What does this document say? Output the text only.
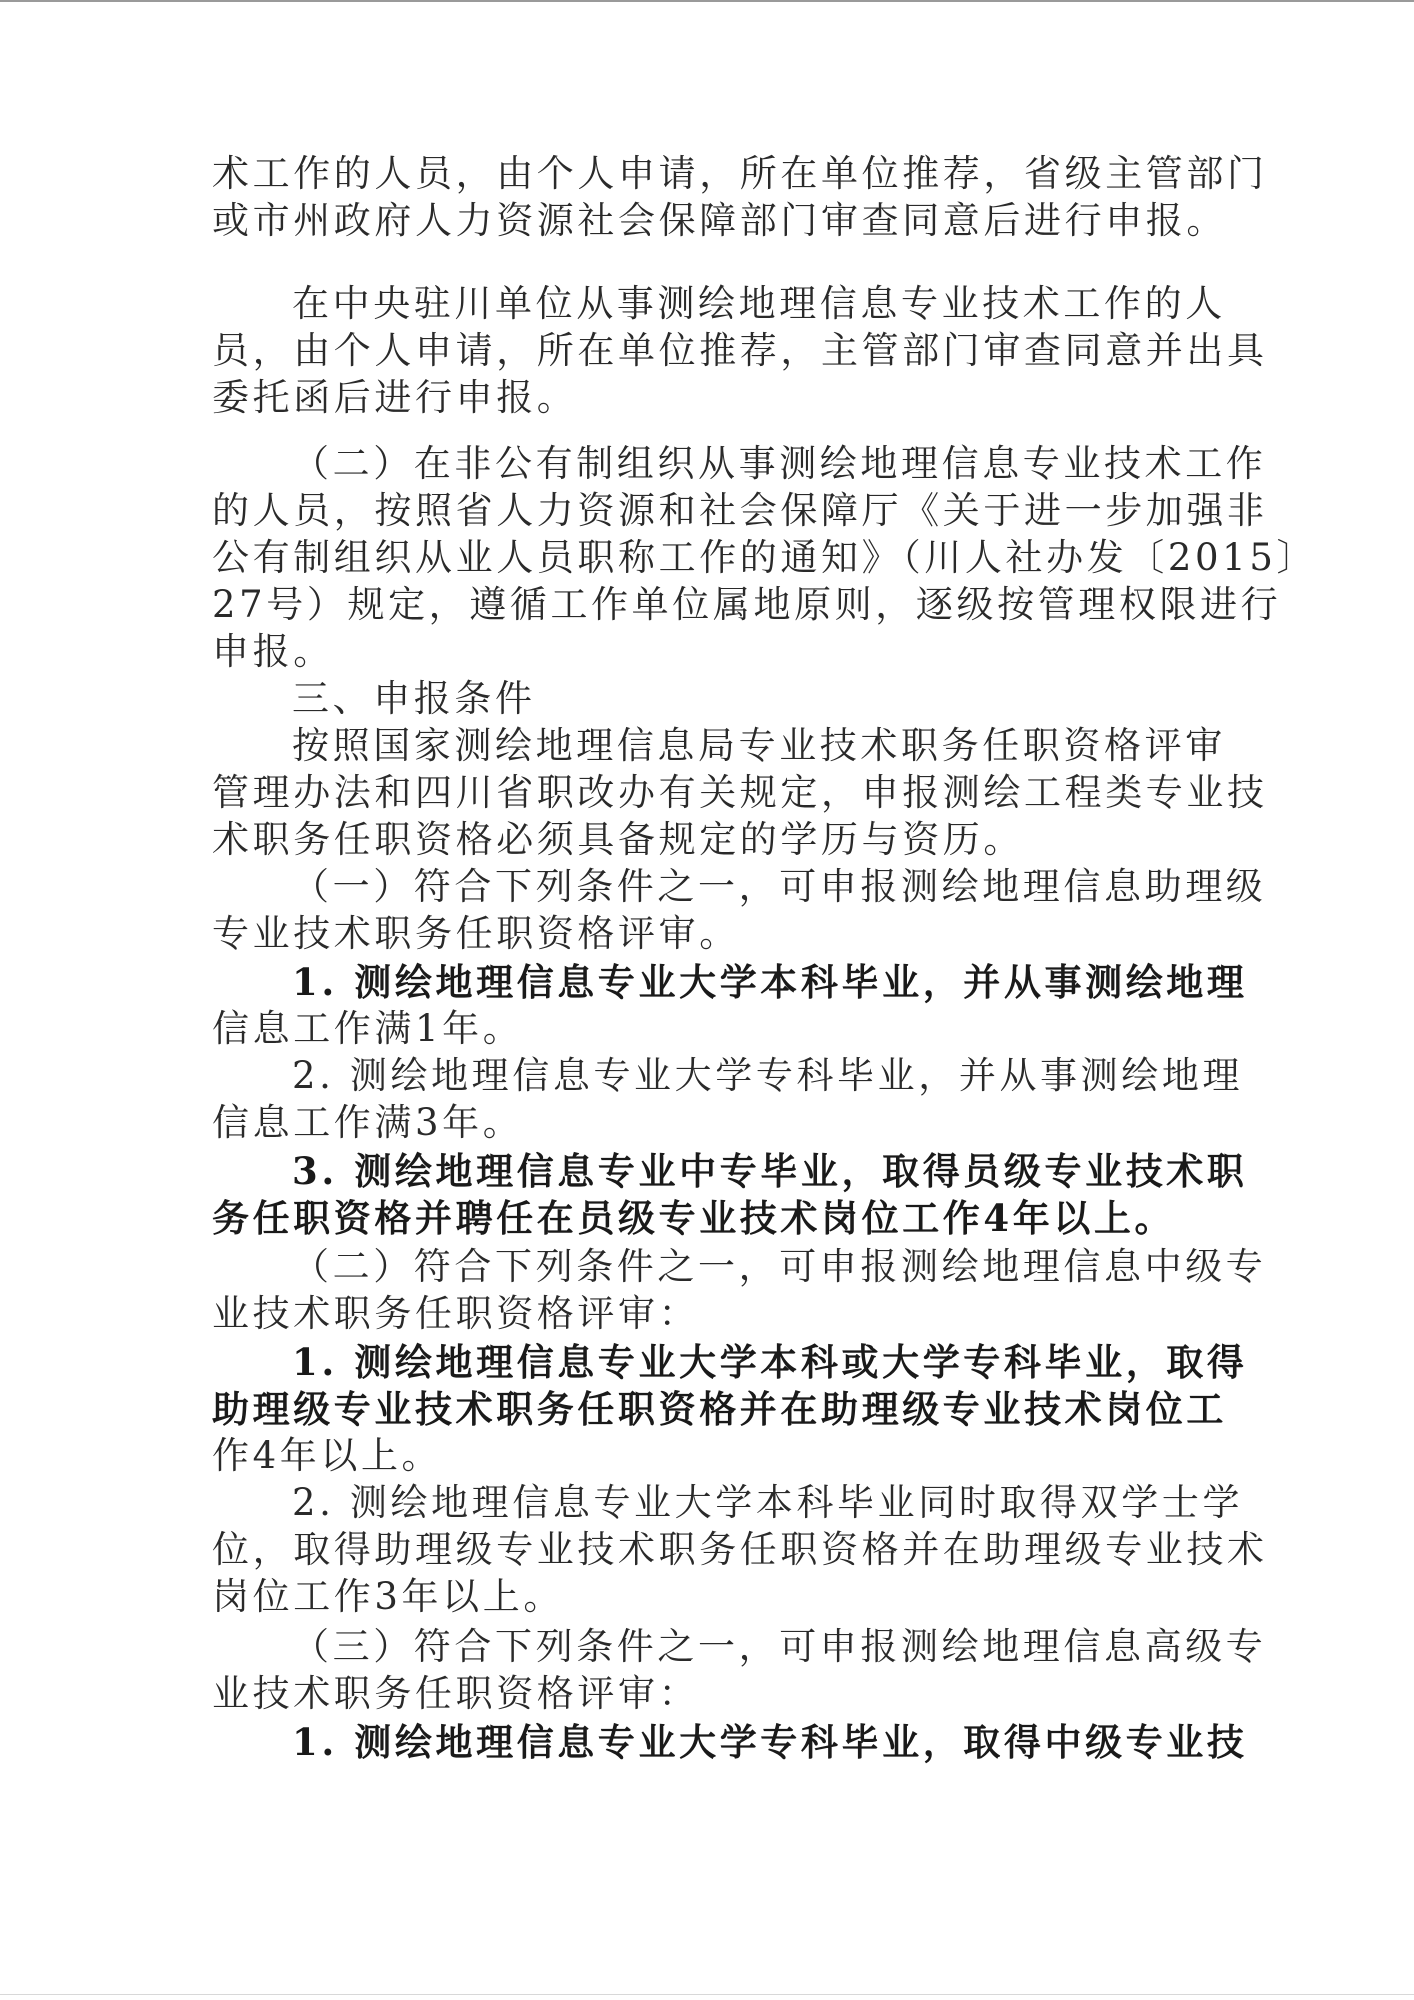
术工作的人员，由个人申请，所在单位推荐，省级主管部门
或市州政府人力资源社会保障部门审查同意后进行申报。
在中央驻川单位从事测绘地理信息专业技术工作的人
员，由个人申请，所在单位推荐，主管部门审查同意并出具
委托函后进行申报。
（二）在非公有制组织从事测绘地理信息专业技术工作
的人员，按照省人力资源和社会保障厅《关于进一步加强非
公有制组织从业人员职称工作的通知》（川人社办发〔2015〕
27号）规定，遵循工作单位属地原则，逐级按管理权限进行
申报。
三、申报条件
按照国家测绘地理信息局专业技术职务任职资格评审
管理办法和四川省职改办有关规定，申报测绘工程类专业技
术职务任职资格必须具备规定的学历与资历。
（一）符合下列条件之一，可申报测绘地理信息助理级
专业技术职务任职资格评审。
1. 测绘地理信息专业大学本科毕业，并从事测绘地理
信息工作满1年。
2. 测绘地理信息专业大学专科毕业，并从事测绘地理
信息工作满3年。
3. 测绘地理信息专业中专毕业，取得员级专业技术职
务任职资格并聘任在员级专业技术岗位工作4年以上。
（二）符合下列条件之一，可申报测绘地理信息中级专
业技术职务任职资格评审：
1. 测绘地理信息专业大学本科或大学专科毕业，取得
助理级专业技术职务任职资格并在助理级专业技术岗位工
作4年以上。
2. 测绘地理信息专业大学本科毕业同时取得双学士学
位，取得助理级专业技术职务任职资格并在助理级专业技术
岗位工作3年以上。
（三）符合下列条件之一，可申报测绘地理信息高级专
业技术职务任职资格评审：
1. 测绘地理信息专业大学专科毕业，取得中级专业技
